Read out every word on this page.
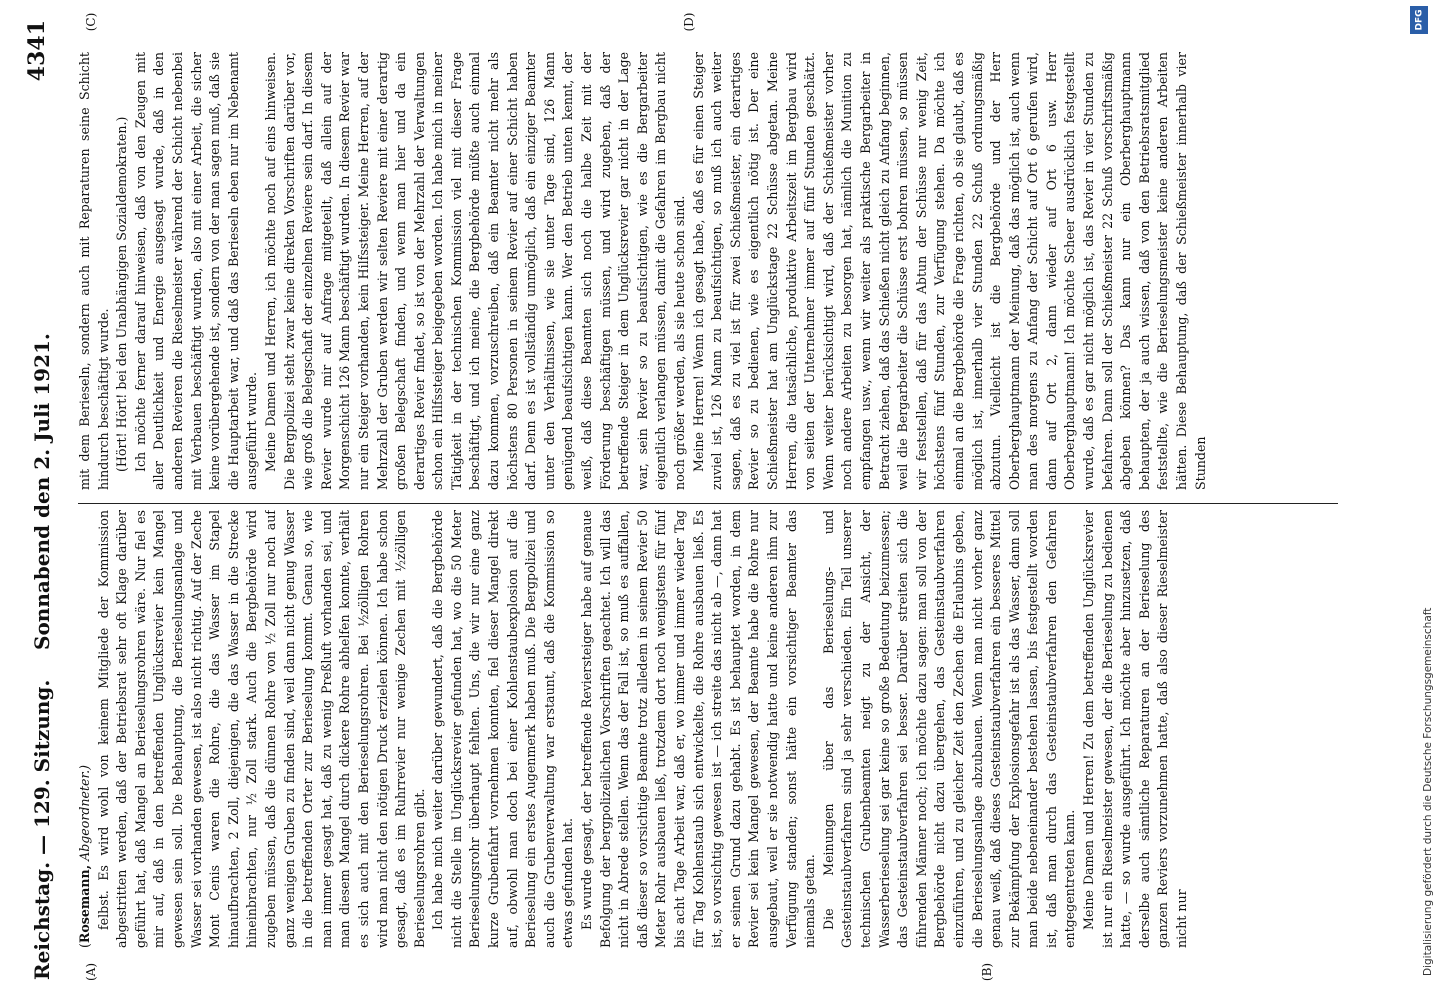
Reichstag. — 129. Sitzung.
Sonnabend den 2. Juli 1921.
4341
(A)	(B)
(C)	(D)

(Rosemann, Abgeordneter.) felbst. Es wird wohl von keinem Mitgliede der Kommission abgestritten werden, daß der Betriebsrat sehr oft Klage darüber geführt hat, daß Mangel an Berieselungsrohren wäre. Nur fiel es mir auf, daß in den betreffenden Unglücksrevier kein Mangel gewesen sein soll. Die Behauptung, die Berieselungsanlage und Wasser sei vorhanden gewesen, ist also nicht richtig. Auf der Zeche Mont Cenis waren die Rohre, die das Wasser im Stapel hinaufbrachten, 2 Zoll, diejenigen, die das Wasser in die Strecke hineinbrachten, nur ½ Zoll stark. Auch die Bergbehörde wird zugeben müssen, daß die dünnen Rohre von ½ Zoll nur noch auf ganz wenigen Gruben zu finden sind, weil dann nicht genug Wasser in die betreffenden Orter zur Berieselung kommt. Genau so, wie man immer gesagt hat, daß zu wenig Preßluft vorhanden sei, und man diesem Mangel durch dickere Rohre abhelfen konnte, verhält es sich auch mit den Berieselungsrohren. Bei ½zölligen Rohren wird man nicht den nötigen Druck erzielen können. Ich habe schon gesagt, daß es im Ruhrrevier nur wenige Zechen mit ½zölligen Berieselungsrohren gibt. Ich habe mich weiter darüber gewundert, daß die Bergbehörde nicht die Stelle im Unglücksrevier gefunden hat, wo die 50 Meter Berieselungsrohr überhaupt fehlten. Uns, die wir nur eine ganz kurze Grubenfahrt vornehmen konnten, fiel dieser Mangel direkt auf, obwohl man doch bei einer Kohlenstaubexplosion auf die Berieselung ein erstes Augenmerk haben muß. Die Bergpolizei und auch die Grubenverwaltung war erstaunt, daß die Kommission so etwas gefunden hat. Es wurde gesagt, der betreffende Reviersteiger habe auf genaue Befolgung der bergpolizeilichen Vorschriften geachtet. Ich will das nicht in Abrede stellen. Wenn das der Fall ist, so muß es auffallen, daß dieser so vorsichtige Beamte trotz alledem in seinem Revier 50 Meter Rohr ausbauen ließ, trotzdem dort noch wenigstens für fünf bis acht Tage Arbeit war, daß er, wo immer und immer wieder Tag für Tag Kohlenstaub sich entwickelte, die Rohre ausbauen ließ. Es ist, so vorsichtig gewesen ist — ich streite das nicht ab —, dann hat er seinen Grund dazu gehabt. Es ist behauptet worden, in dem Revier sei kein Mangel gewesen, der Beamte habe die Rohre nur ausgebaut, weil er sie notwendig hatte und keine anderen ihm zur Verfügung standen; sonst hätte ein vorsichtiger Beamter das niemals getan. Die Meinungen über das Berieselungs- und Gesteinstaubverfahren sind ja sehr verschieden. Ein Teil unserer technischen Grubenbeamten neigt zu der Ansicht, der Wasserberieselung sei gar keine so große Bedeutung beizumessen; das Gesteinstaubverfahren sei besser. Darüber streiten sich die führenden Männer noch; ich möchte dazu sagen: man soll von der Bergbehörde nicht dazu übergehen, das Gesteinstaubverfahren einzuführen, und zu gleicher Zeit den Zechen die Erlaubnis geben, die Berieselungsanlage abzubauen. Wenn man nicht vorher ganz genau weiß, daß dieses Gesteinstaubverfahren ein besseres Mittel zur Bekämpfung der Explosionsgefahr ist als das Wasser, dann soll man beide nebeneinander bestehen lassen, bis festgestellt worden ist, daß man durch das Gesteinstaubverfahren den Gefahren entgegentreten kann. Meine Damen und Herren! Zu dem betreffenden Unglücksrevier ist nur ein Rieselmeister gewesen, der die Berieselung zu bedienen hatte, — so wurde ausgeführt. Ich möchte aber hinzusetzen, daß derselbe auch sämtliche Reparaturen an der Berieselung des ganzen Reviers vorzunehmen hatte, daß also dieser Rieselmeister nicht nur

mit dem Berieseln, sondern auch mit Reparaturen seine Schicht hindurch beschäftigt wurde. (Hört! Hört! bei den Unabhängigen Sozialdemokraten.) Ich möchte ferner darauf hinweisen, daß von den Zeugen mit aller Deutlichkeit und Energie ausgesagt wurde, daß in den anderen Revieren die Rieselmeister während der Schicht nebenbei mit Verbauen beschäftigt wurden, also mit einer Arbeit, die sicher keine vorübergehende ist, sondern von der man sagen muß, daß sie die Hauptarbeit war, und daß das Berieseln eben nur im Nebenamt ausgeführt wurde. Meine Damen und Herren, ich möchte noch auf eins hinweisen. Die Bergpolizei steht zwar keine direkten Vorschriften darüber vor, wie groß die Belegschaft der einzelnen Reviere sein darf. In diesem Revier wurde mir auf Anfrage mitgeteilt, daß allein auf der Morgenschicht 126 Mann beschäftigt wurden. In diesem Revier war nur ein Steiger vorhanden, kein Hilfssteiger. Meine Herren, auf der Mehrzahl der Gruben werden wir selten Reviere mit einer derartig großen Belegschaft finden, und wenn man hier und da ein derartiges Revier findet, so ist von der Mehrzahl der Verwaltungen schon ein Hilfssteiger beigegeben worden. Ich habe mich in meiner Tätigkeit in der technischen Kommission viel mit dieser Frage beschäftigt, und ich meine, die Bergbehörde müßte auch einmal dazu kommen, vorzuschreiben, daß ein Beamter nicht mehr als höchstens 80 Personen in seinem Revier auf einer Schicht haben darf. Denn es ist vollständig unmöglich, daß ein einziger Beamter unter den Verhältnissen, wie sie unter Tage sind, 126 Mann genügend beaufsichtigen kann. Wer den Betrieb unten kennt, der weiß, daß diese Beamten sich noch die halbe Zeit mit der Förderung beschäftigen müssen, und wird zugeben, daß der betreffende Steiger in dem Unglücksrevier gar nicht in der Lage war, sein Revier so zu beaufsichtigen, wie es die Bergarbeiter eigentlich verlangen müssen, damit die Gefahren im Bergbau nicht noch größer werden, als sie heute schon sind. Meine Herren! Wenn ich gesagt habe, daß es für einen Steiger zuviel ist, 126 Mann zu beaufsichtigen, so muß ich auch weiter sagen, daß es zu viel ist für zwei Schießmeister, ein derartiges Revier so zu bedienen, wie es eigentlich nötig ist. Der eine Schießmeister hat am Unglückstage 22 Schüsse abgetan. Meine Herren, die tatsächliche, produktive Arbeitszeit im Bergbau wird von seiten der Unternehmer immer auf fünf Stunden geschätzt. Wenn weiter berücksichtigt wird, daß der Schießmeister vorher noch andere Arbeiten zu besorgen hat, nämlich die Munition zu empfangen usw., wenn wir weiter als praktische Bergarbeiter in Betracht ziehen, daß das Schießen nicht gleich zu Anfang beginnen, weil die Bergarbeiter die Schüsse erst bohren müssen, so müssen wir feststellen, daß für das Abtun der Schüsse nur wenig Zeit, höchstens fünf Stunden, zur Verfügung stehen. Da möchte ich einmal an die Bergbehörde die Frage richten, ob sie glaubt, daß es möglich ist, innerhalb vier Stunden 22 Schuß ordnungsmäßig abzutun. Vielleicht ist die Bergbehörde und der Herr Oberberghauptmann der Meinung, daß das möglich ist, auch wenn man des morgens zu Anfang der Schicht auf Ort 6 gerufen wird, dann auf Ort 2, dann wieder auf Ort 6 usw. Herr Oberberghauptmann! Ich möchte Scheer ausdrücklich festgestellt wurde, daß es gar nicht möglich ist, das Revier in vier Stunden zu befahren. Dann soll der Schießmeister 22 Schuß vorschriftsmäßig abgeben können? Das kann nur ein Oberberghauptmann behaupten, der ja auch wissen, daß von den Betriebsratsmitglied feststellte, wie die Berieselungsmeister keine anderen Arbeiten hätten. Diese Behauptung, daß der Schießmeister innerhalb vier Stunden

DFG
Digitalisierung gefördert durch die Deutsche Forschungsgemeinschaft
